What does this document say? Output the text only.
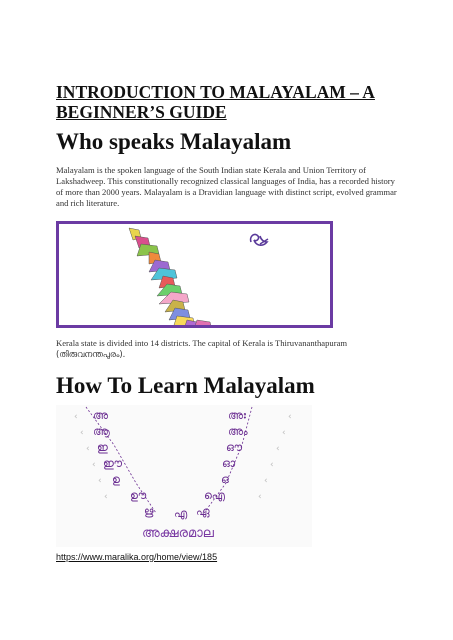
INTRODUCTION TO MALAYALAM – A BEGINNER’S GUIDE
Who speaks Malayalam

Malayalam is the spoken language of the South Indian state Kerala and Union Territory of Lakshadweep. This constitutionally recognized classical languages of India, has a recorded history of more than 2000 years. Malayalam is a Dravidian language with distinct script, evolved grammar and rich literature.

Kerala state is divided into 14 districts. The capital of Kerala is Thiruvananthapuram
(തിരുവനന്തപുരം).

How To Learn Malayalam
‹	‹
‹	‹
‹	‹
‹	‹
‹	‹
‹	‹
അ
ആ
ഇ
ഈ
ഉ
ഊ
ഋ
അഃ
അം
ഔ
ഓ
ഒ
ഐ
ഏ
എ
അക്ഷരമാല

https://www.maralika.org/home/view/185
